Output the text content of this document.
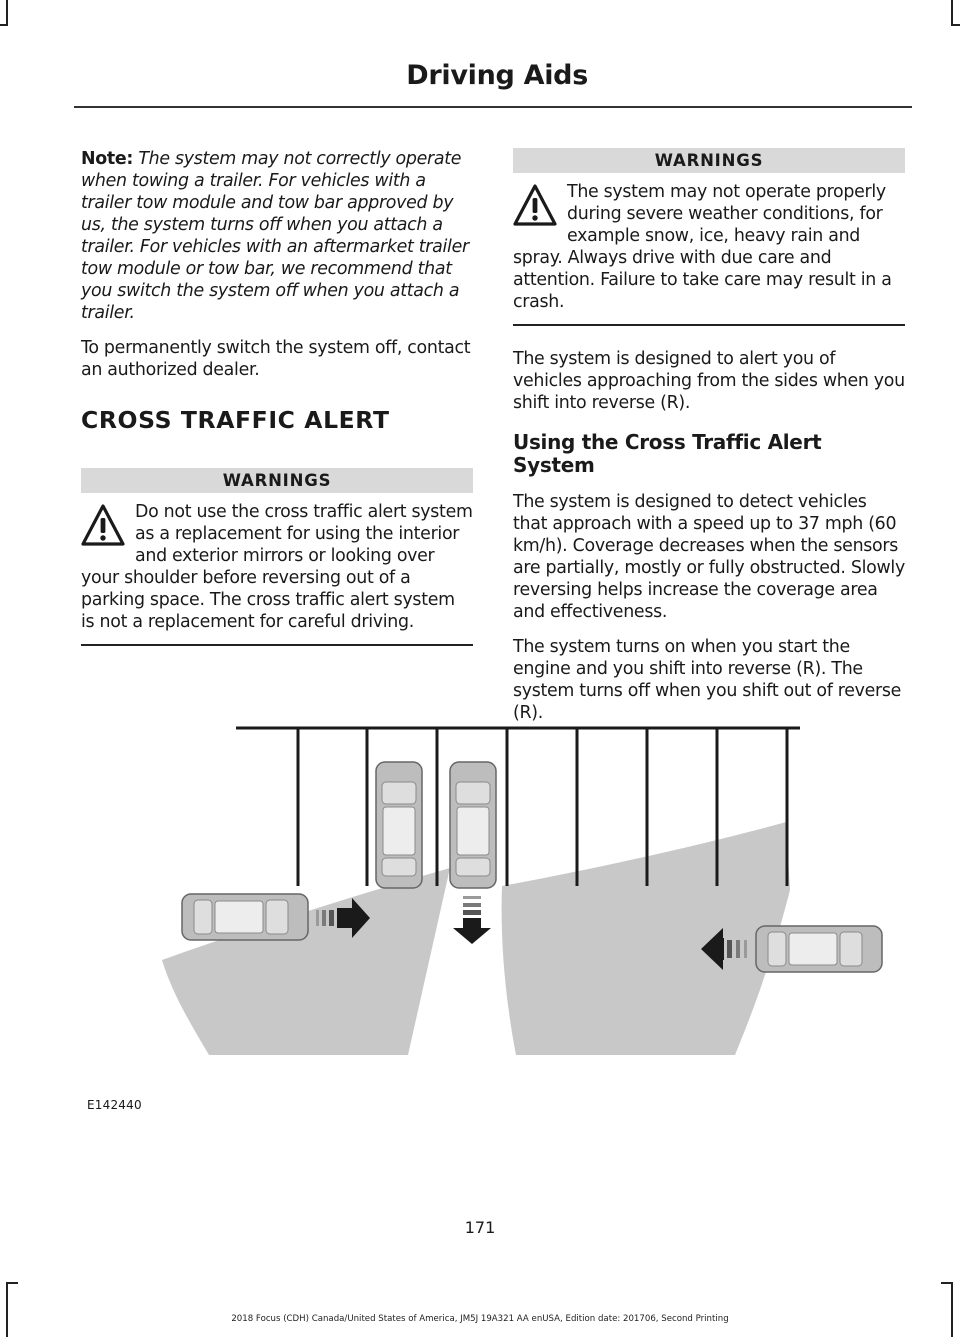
Driving Aids

Note: The system may not correctly operate when towing a trailer. For vehicles with a trailer tow module and tow bar approved by us, the system turns off when you attach a trailer. For vehicles with an aftermarket trailer tow module or tow bar, we recommend that you switch the system off when you attach a trailer.

To permanently switch the system off, contact an authorized dealer.

CROSS TRAFFIC ALERT
WARNINGS

Do not use the cross traffic alert system as a replacement for using the interior and exterior mirrors or looking over your shoulder before reversing out of a parking space. The cross traffic alert system is not a replacement for careful driving.

WARNINGS

The system may not operate properly during severe weather conditions, for example snow, ice, heavy rain and spray. Always drive with due care and attention. Failure to take care may result in a crash.

The system is designed to alert you of vehicles approaching from the sides when you shift into reverse (R).

Using the Cross Traffic Alert System

The system is designed to detect vehicles that approach with a speed up to 37 mph (60 km/h). Coverage decreases when the sensors are partially, mostly or fully obstructed. Slowly reversing helps increase the coverage area and effectiveness.

The system turns on when you start the engine and you shift into reverse (R). The system turns off when you shift out of reverse (R).

E142440
171
2018 Focus (CDH) Canada/United States of America, JM5J 19A321 AA enUSA, Edition date: 201706, Second Printing
